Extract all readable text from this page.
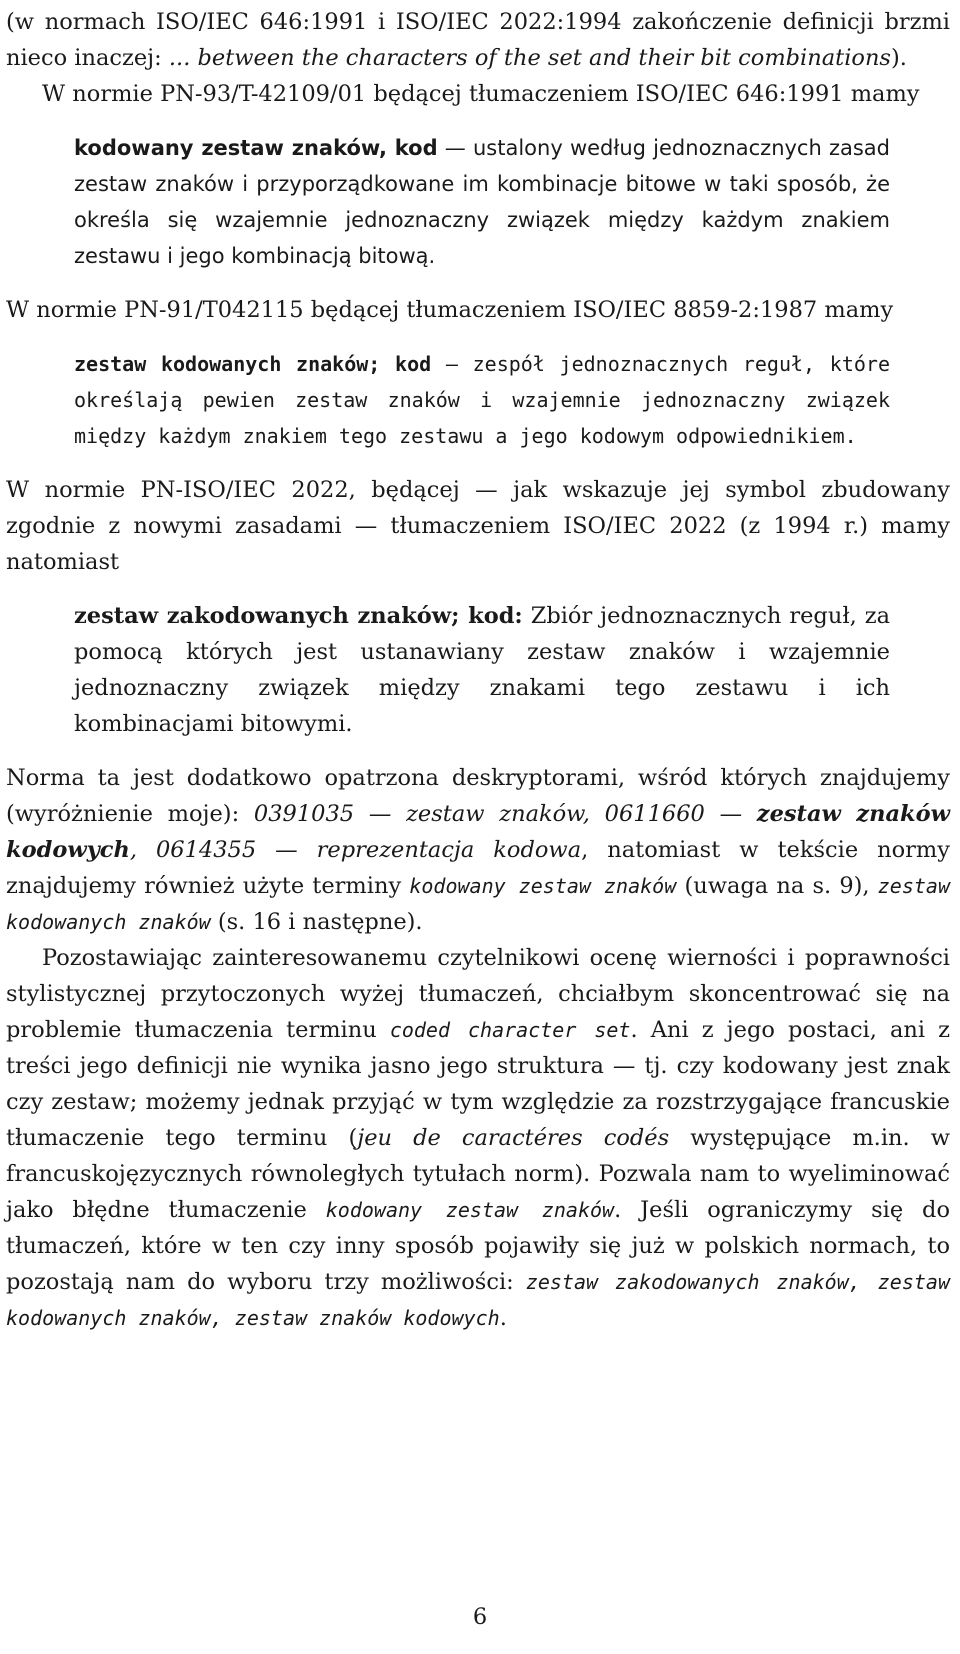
(w normach ISO/IEC 646:1991 i ISO/IEC 2022:1994 zakończenie definicji brzmi nieco inaczej: ... between the characters of the set and their bit combinations).

W normie PN-93/T-42109/01 będącej tłumaczeniem ISO/IEC 646:1991 mamy

kodowany zestaw znaków, kod — ustalony według jednoznacznych zasad zestaw znaków i przyporządkowane im kombinacje bitowe w taki sposób, że określa się wzajemnie jednoznaczny związek między każdym znakiem zestawu i jego kombinacją bitową.

W normie PN-91/T042115 będącej tłumaczeniem ISO/IEC 8859-2:1987 mamy

zestaw kodowanych znaków; kod — zespół jednoznacznych reguł, które określają pewien zestaw znaków i wzajemnie jednoznaczny związek między każdym znakiem tego zestawu a jego kodowym odpowiednikiem.

W normie PN-ISO/IEC 2022, będącej — jak wskazuje jej symbol zbudowany zgodnie z nowymi zasadami — tłumaczeniem ISO/IEC 2022 (z 1994 r.) mamy natomiast

zestaw zakodowanych znaków; kod: Zbiór jednoznacznych reguł, za pomocą których jest ustanawiany zestaw znaków i wzajemnie jednoznaczny związek między znakami tego zestawu i ich kombinacjami bitowymi.

Norma ta jest dodatkowo opatrzona deskryptorami, wśród których znajdujemy (wyróżnienie moje): 0391035 — zestaw znaków, 0611660 — zestaw znaków kodowych, 0614355 — reprezentacja kodowa, natomiast w tekście normy znajdujemy również użyte terminy kodowany zestaw znaków (uwaga na s. 9), zestaw kodowanych znaków (s. 16 i następne).

Pozostawiając zainteresowanemu czytelnikowi ocenę wierności i poprawności stylistycznej przytoczonych wyżej tłumaczeń, chciałbym skoncentrować się na problemie tłumaczenia terminu coded character set. Ani z jego postaci, ani z treści jego definicji nie wynika jasno jego struktura — tj. czy kodowany jest znak czy zestaw; możemy jednak przyjąć w tym względzie za rozstrzygające francuskie tłumaczenie tego terminu (jeu de caractéres codés występujące m.in. w francuskojęzycznych równoległych tytułach norm). Pozwala nam to wyeliminować jako błędne tłumaczenie kodowany zestaw znaków. Jeśli ograniczymy się do tłumaczeń, które w ten czy inny sposób pojawiły się już w polskich normach, to pozostają nam do wyboru trzy możliwości: zestaw zakodowanych znaków, zestaw kodowanych znaków, zestaw znaków kodowych.

6
